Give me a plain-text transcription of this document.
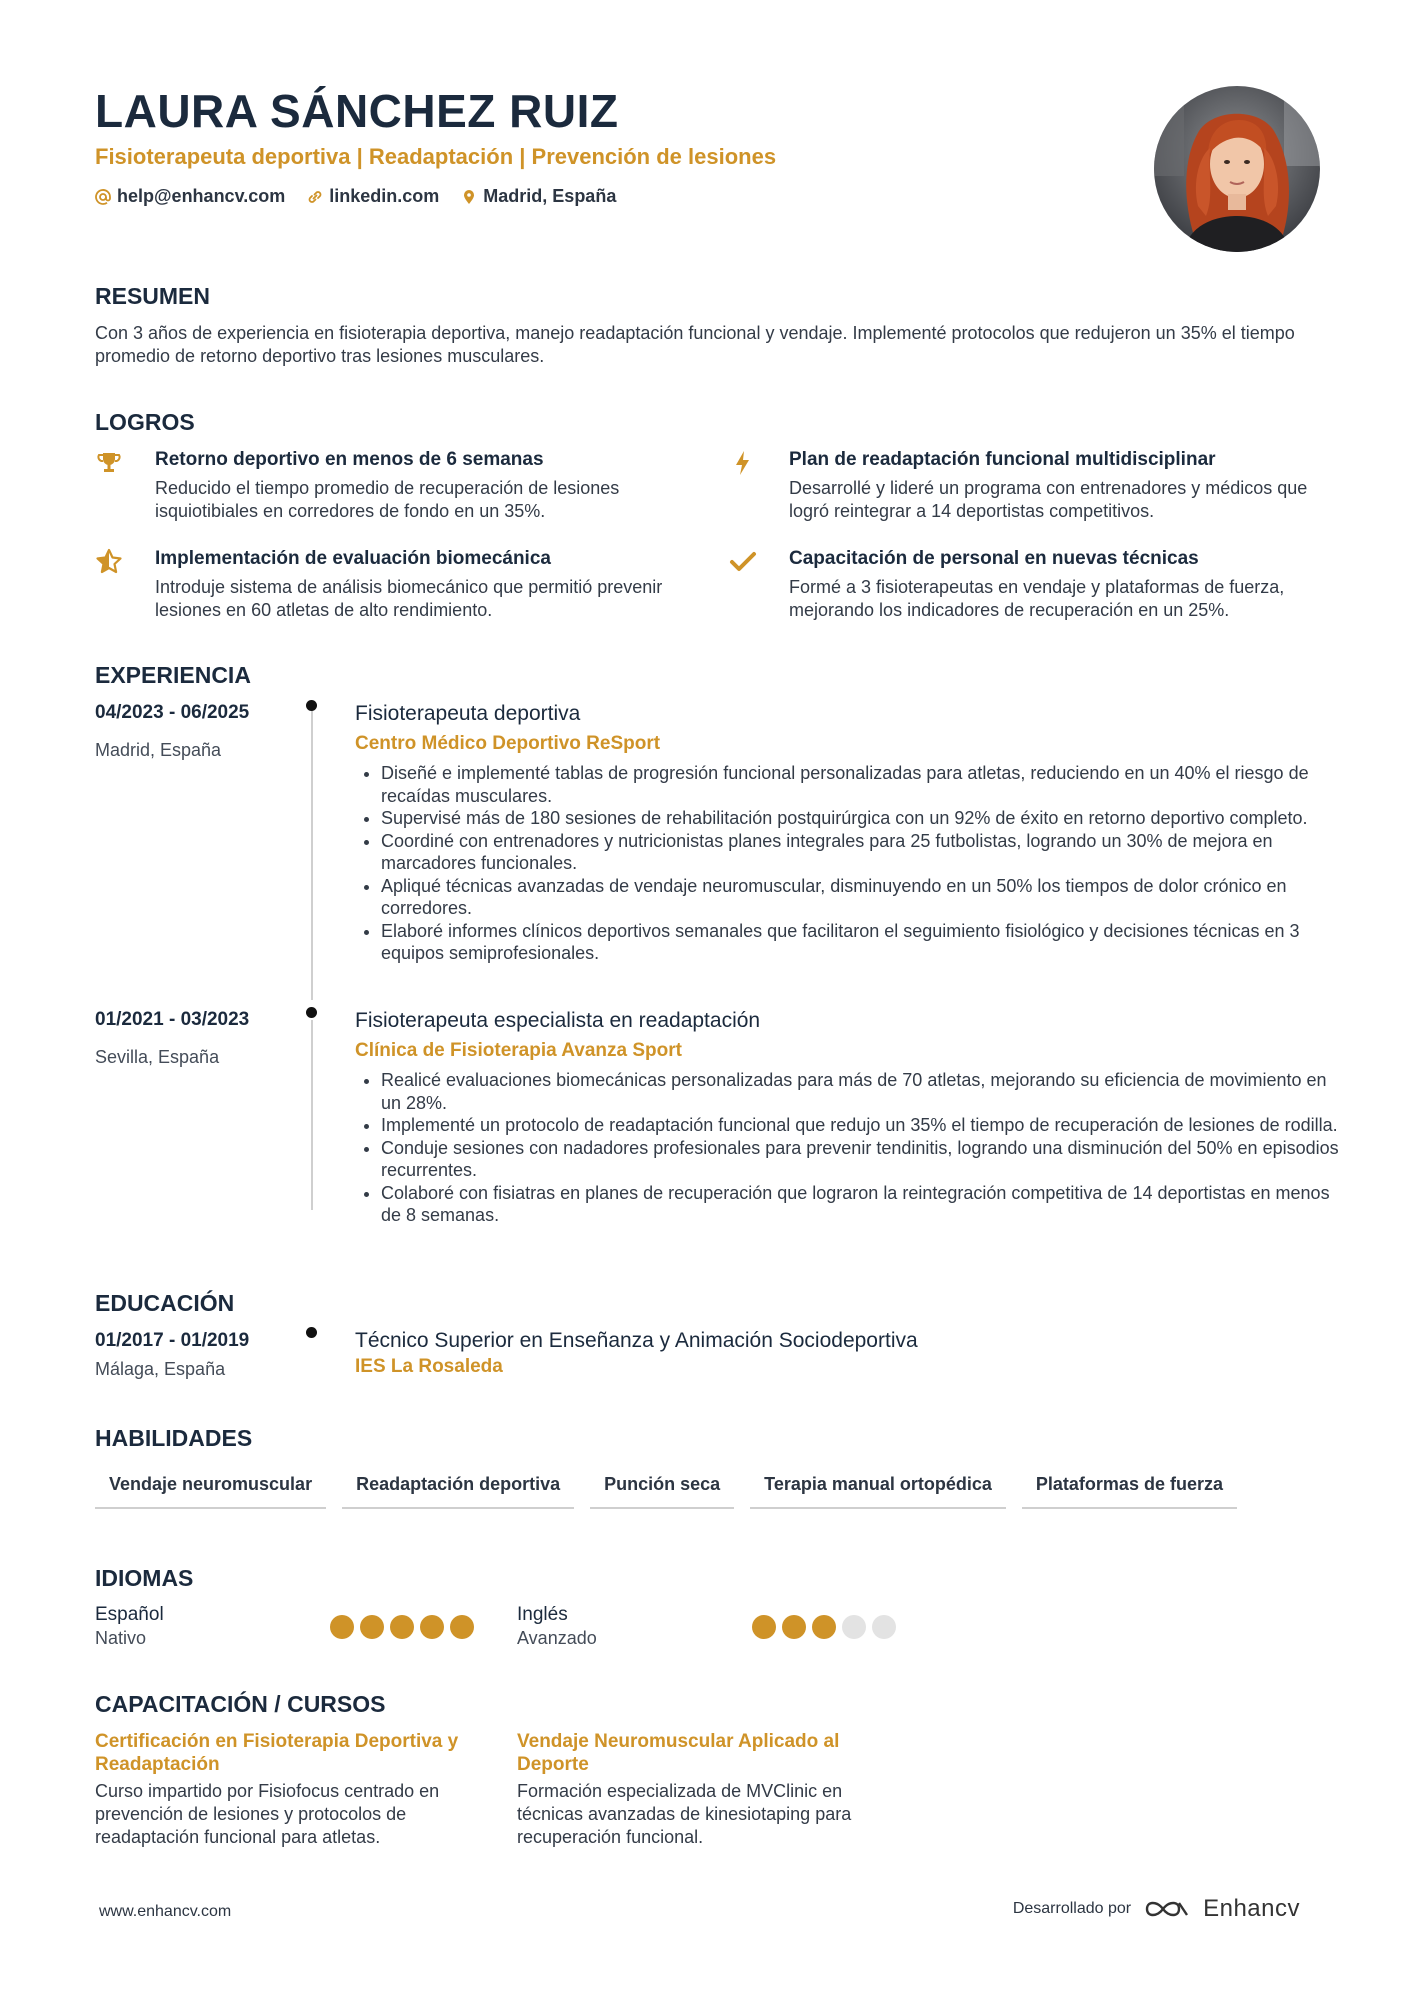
LAURA SÁNCHEZ RUIZ
Fisioterapeuta deportiva | Readaptación | Prevención de lesiones
help@enhancv.com linkedin.com Madrid, España
RESUMEN
Con 3 años de experiencia en fisioterapia deportiva, manejo readaptación funcional y vendaje. Implementé protocolos que redujeron un 35% el tiempo promedio de retorno deportivo tras lesiones musculares.
LOGROS
Retorno deportivo en menos de 6 semanas
Reducido el tiempo promedio de recuperación de lesiones isquiotibiales en corredores de fondo en un 35%.
Plan de readaptación funcional multidisciplinar
Desarrollé y lideré un programa con entrenadores y médicos que logró reintegrar a 14 deportistas competitivos.
Implementación de evaluación biomecánica
Introduje sistema de análisis biomecánico que permitió prevenir lesiones en 60 atletas de alto rendimiento.
Capacitación de personal en nuevas técnicas
Formé a 3 fisioterapeutas en vendaje y plataformas de fuerza, mejorando los indicadores de recuperación en un 25%.
EXPERIENCIA
04/2023 - 06/2025
Madrid, España
Fisioterapeuta deportiva
Centro Médico Deportivo ReSport
• Diseñé e implementé tablas de progresión funcional personalizadas para atletas, reduciendo en un 40% el riesgo de recaídas musculares.
• Supervisé más de 180 sesiones de rehabilitación postquirúrgica con un 92% de éxito en retorno deportivo completo.
• Coordiné con entrenadores y nutricionistas planes integrales para 25 futbolistas, logrando un 30% de mejora en marcadores funcionales.
• Apliqué técnicas avanzadas de vendaje neuromuscular, disminuyendo en un 50% los tiempos de dolor crónico en corredores.
• Elaboré informes clínicos deportivos semanales que facilitaron el seguimiento fisiológico y decisiones técnicas en 3 equipos semiprofesionales.
01/2021 - 03/2023
Sevilla, España
Fisioterapeuta especialista en readaptación
Clínica de Fisioterapia Avanza Sport
• Realicé evaluaciones biomecánicas personalizadas para más de 70 atletas, mejorando su eficiencia de movimiento en un 28%.
• Implementé un protocolo de readaptación funcional que redujo un 35% el tiempo de recuperación de lesiones de rodilla.
• Conduje sesiones con nadadores profesionales para prevenir tendinitis, logrando una disminución del 50% en episodios recurrentes.
• Colaboré con fisiatras en planes de recuperación que lograron la reintegración competitiva de 14 deportistas en menos de 8 semanas.
EDUCACIÓN
01/2017 - 01/2019
Málaga, España
Técnico Superior en Enseñanza y Animación Sociodeportiva
IES La Rosaleda
HABILIDADES
Vendaje neuromuscular	Readaptación deportiva	Punción seca	Terapia manual ortopédica	Plataformas de fuerza
IDIOMAS
Español
Nativo
Inglés
Avanzado
CAPACITACIÓN / CURSOS
Certificación en Fisioterapia Deportiva y Readaptación
Curso impartido por Fisiofocus centrado en prevención de lesiones y protocolos de readaptación funcional para atletas.
Vendaje Neuromuscular Aplicado al Deporte
Formación especializada de MVClinic en técnicas avanzadas de kinesiotaping para recuperación funcional.
www.enhancv.com	Desarrollado por	Enhancv
